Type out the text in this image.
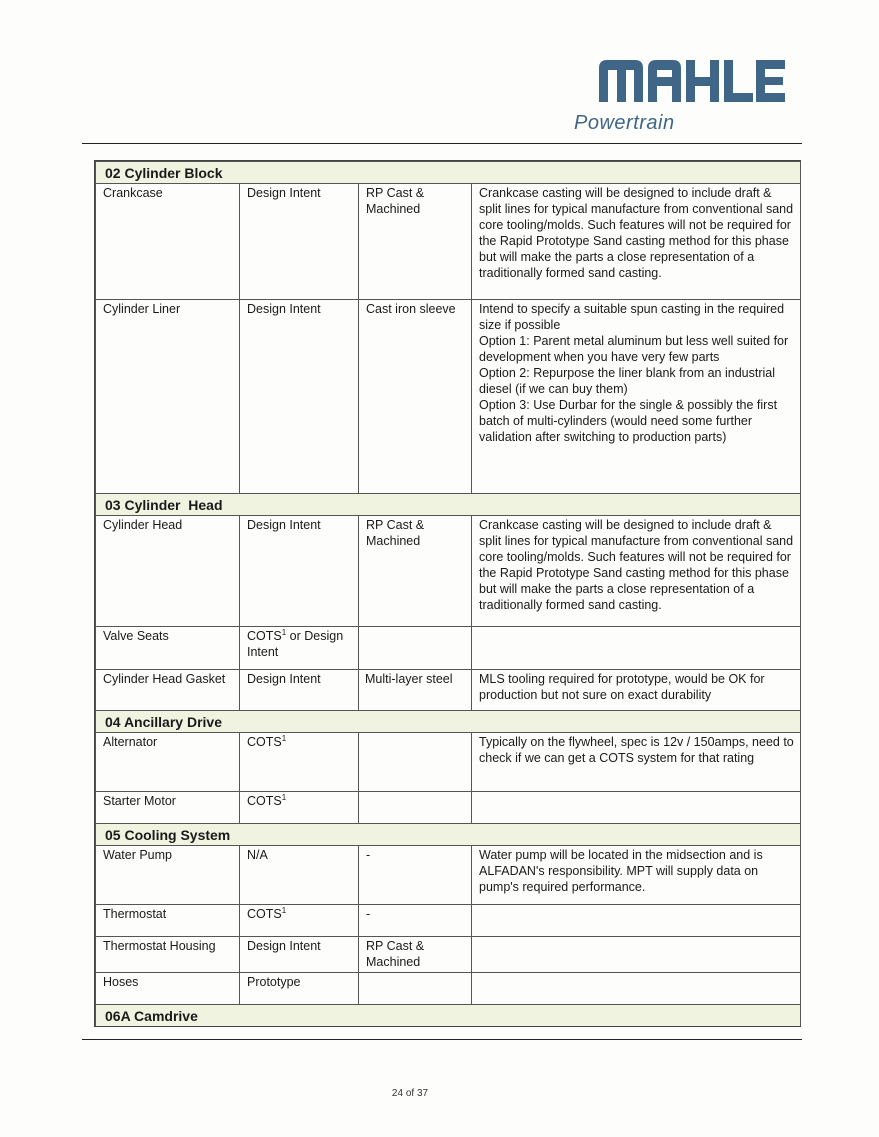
Powertrain
02 Cylinder Block			
Crankcase	Design Intent	RP Cast & Machined	Crankcase casting will be designed to include draft & split lines for typical manufacture from conventional sand core tooling/molds. Such features will not be required for the Rapid Prototype Sand casting method for this phase but will make the parts a close representation of a traditionally formed sand casting.
Cylinder Liner	Design Intent	Cast iron sleeve	Intend to specify a suitable spun casting in the required size if possible
Option 1: Parent metal aluminum but less well suited for development when you have very few parts
Option 2: Repurpose the liner blank from an industrial diesel (if we can buy them)
Option 3: Use Durbar for the single & possibly the first batch of multi-cylinders (would need some further validation after switching to production parts)
03 Cylinder  Head			
Cylinder Head	Design Intent	RP Cast & Machined	Crankcase casting will be designed to include draft & split lines for typical manufacture from conventional sand core tooling/molds. Such features will not be required for the Rapid Prototype Sand casting method for this phase but will make the parts a close representation of a traditionally formed sand casting.
Valve Seats	COTS$^1$ or Design Intent		
Cylinder Head Gasket	Design Intent	Multi-layer steel	MLS tooling required for prototype, would be OK for production but not sure on exact durability
04 Ancillary Drive			
Alternator	COTS$^1$		Typically on the flywheel, spec is 12v / 150amps, need to check if we can get a COTS system for that rating
Starter Motor	COTS$^1$		
05 Cooling System			
Water Pump	N/A	-	Water pump will be located in the midsection and is ALFADAN's responsibility. MPT will supply data on pump's required performance.
Thermostat	COTS$^1$	-	
Thermostat Housing	Design Intent	RP Cast & Machined	
Hoses	Prototype		
06A Camdrive			
24 of 37
